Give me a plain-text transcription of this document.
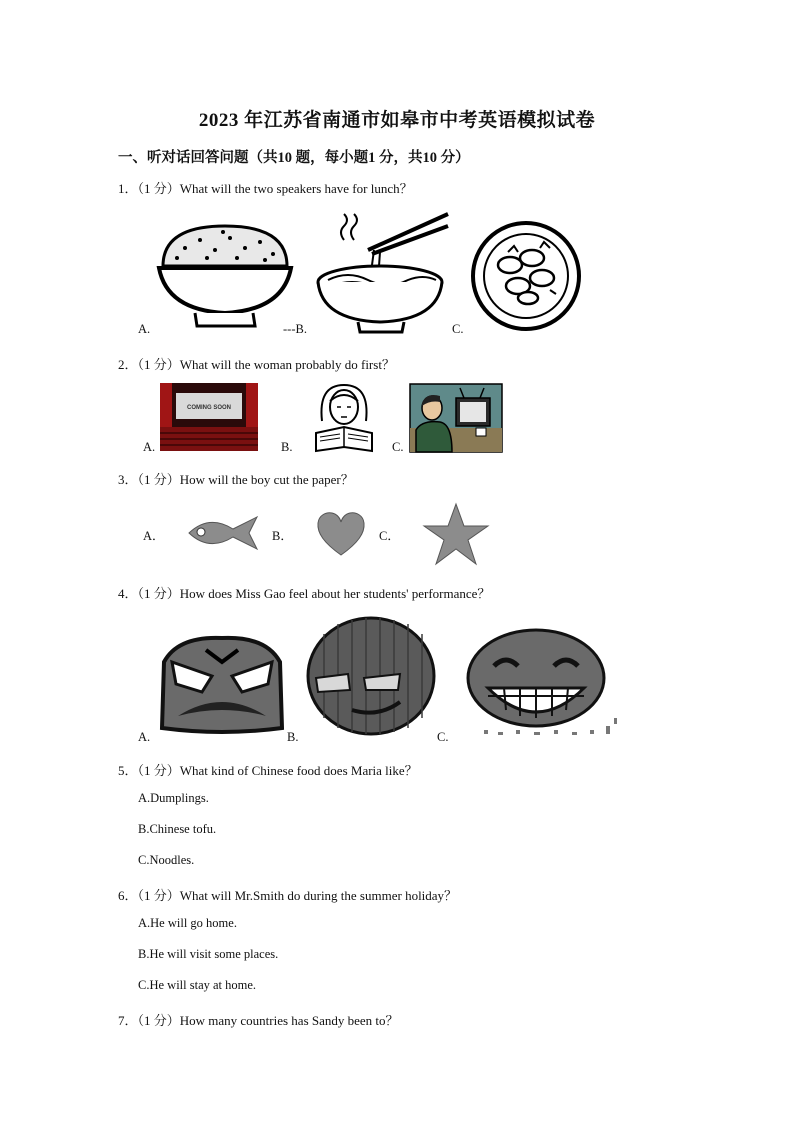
2023 年江苏省南通市如皋市中考英语模拟试卷
一、听对话回答问题（共10 题，每小题1 分，共10 分）
1．（1 分）What will the two speakers have for lunch？
A.	---B.	C.
2．（1 分）What will the woman probably do first？
COMING SOON
A.	B.	C.
3．（1 分）How will the boy cut the paper？
A．	B．	C．
4．（1 分）How does Miss Gao feel about her students' performance？
A.	B.	C.
5．（1 分）What kind of Chinese food does Maria like？
A.Dumplings.
B.Chinese tofu.
C.Noodles.
6．（1 分）What will Mr.Smith do during the summer holiday？
A.He will go home.
B.He will visit some places.
C.He will stay at home.
7．（1 分）How many countries has Sandy been to？
